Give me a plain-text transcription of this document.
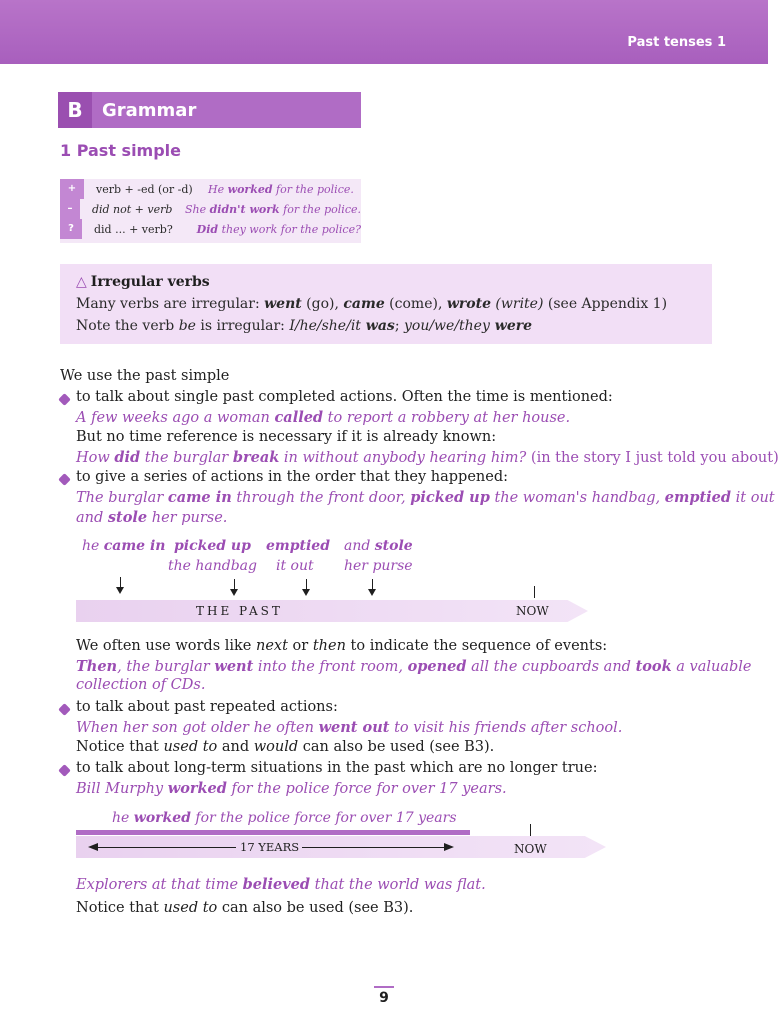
Past tenses 1
B	Grammar
1 Past simple
+	verb + -ed (or -d)	He worked for the police.
–	did not + verb	She didn't work for the police.
?	did ... + verb?	Did they work for the police?
△ Irregular verbs
Many verbs are irregular: went (go), came (come), wrote (write) (see Appendix 1)
Note the verb be is irregular: I/he/she/it was; you/we/they were
We use the past simple
to talk about single past completed actions. Often the time is mentioned:
A few weeks ago a woman called to report a robbery at her house.
But no time reference is necessary if it is already known:
How did the burglar break in without anybody hearing him? (in the story I just told you about)
to give a series of actions in the order that they happened:
The burglar came in through the front door, picked up the woman's handbag, emptied it out
and stole her purse.
he came in picked up
the handbag
emptied
it out
and stole
her purse
THE PAST	NOW
We often use words like next or then to indicate the sequence of events:
Then, the burglar went into the front room, opened all the cupboards and took a valuable
collection of CDs.
to talk about past repeated actions:
When her son got older he often went out to visit his friends after school.
Notice that used to and would can also be used (see B3).
to talk about long-term situations in the past which are no longer true:
Bill Murphy worked for the police force for over 17 years.
he worked for the police force for over 17 years
17 YEARS	NOW
Explorers at that time believed that the world was flat.
Notice that used to can also be used (see B3).
9
